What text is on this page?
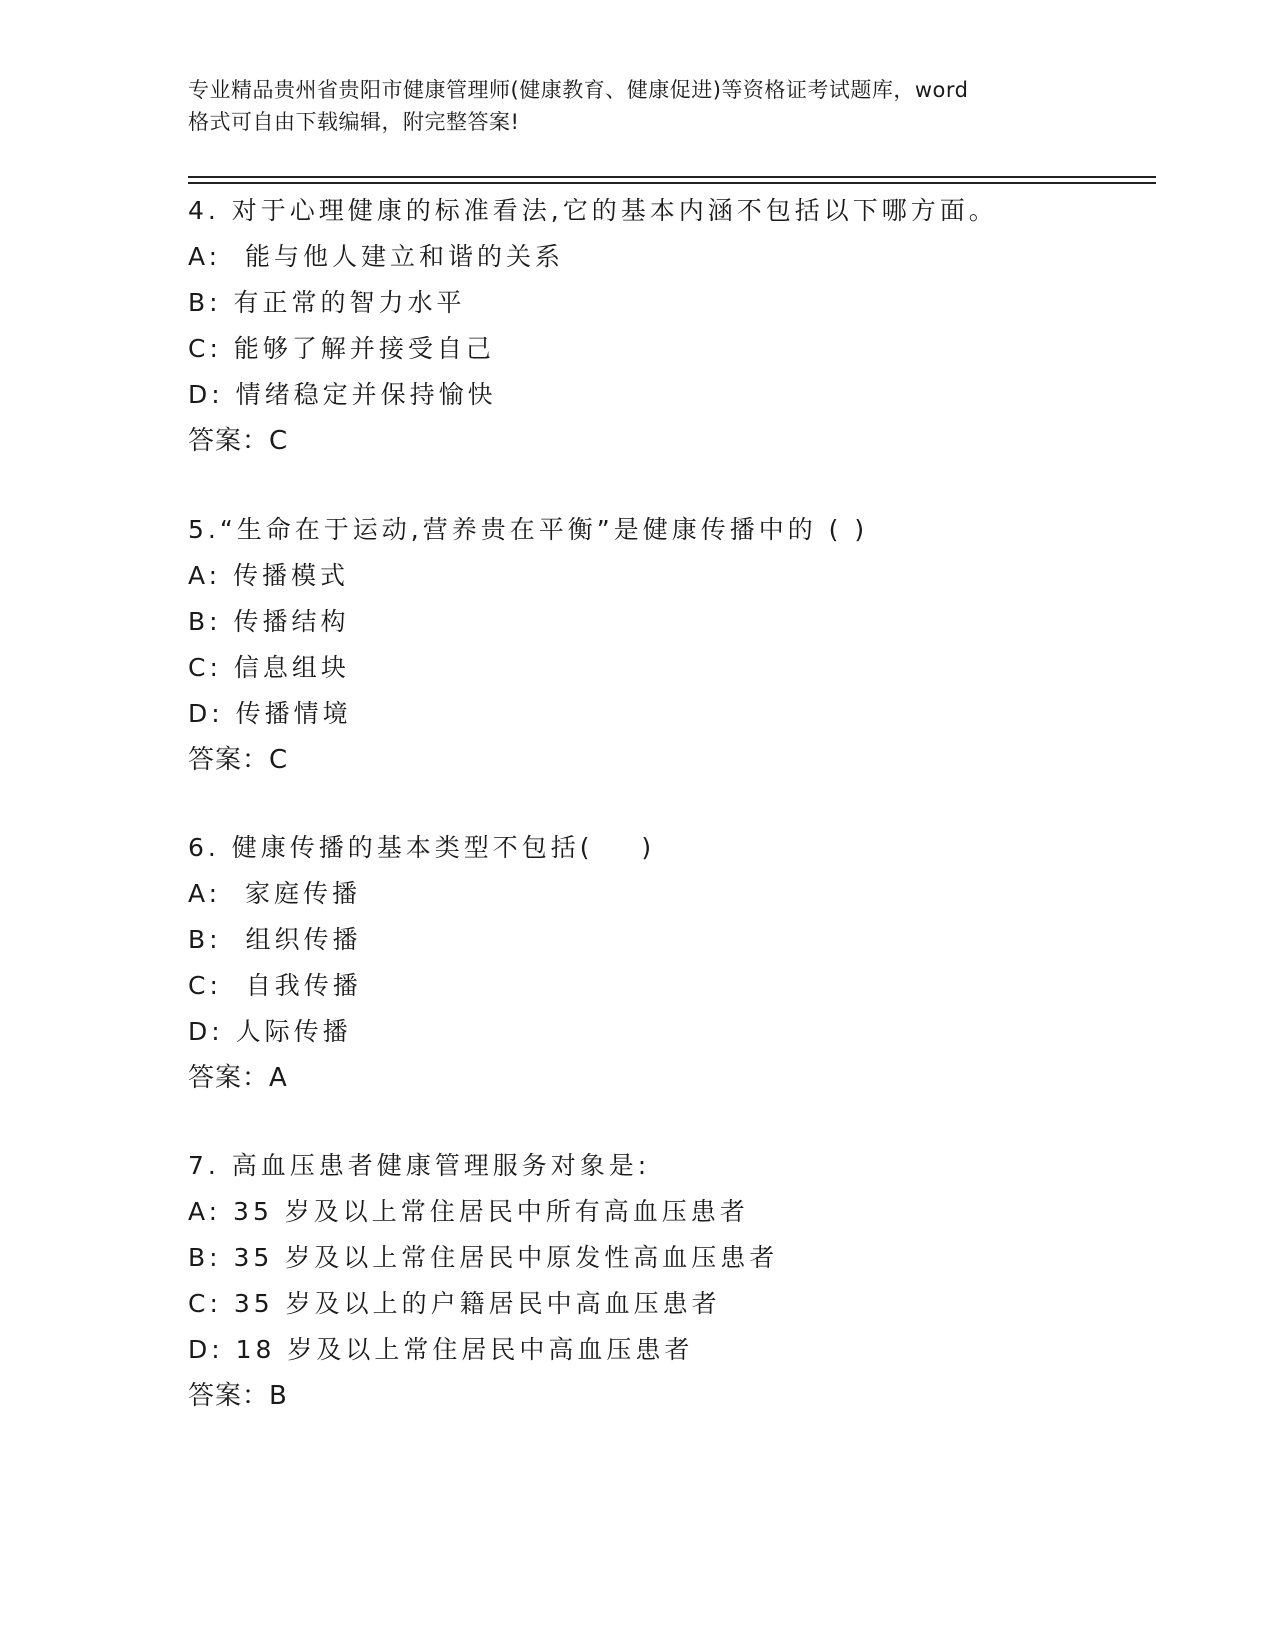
专业精品贵州省贵阳市健康管理师(健康教育、健康促进)等资格证考试题库，word
格式可自由下载编辑，附完整答案!
4. 对于心理健康的标准看法,它的基本内涵不包括以下哪方面。
A:  能与他人建立和谐的关系
B: 有正常的智力水平
C: 能够了解并接受自己
D: 情绪稳定并保持愉快
答案：C
5.“生命在于运动,营养贵在平衡”是健康传播中的 ( )
A: 传播模式
B: 传播结构
C: 信息组块
D: 传播情境
答案：C
6. 健康传播的基本类型不包括(    )
A:  家庭传播
B:  组织传播
C:  自我传播
D: 人际传播
答案：A
7. 高血压患者健康管理服务对象是:
A: 35 岁及以上常住居民中所有高血压患者
B: 35 岁及以上常住居民中原发性高血压患者
C: 35 岁及以上的户籍居民中高血压患者
D: 18 岁及以上常住居民中高血压患者
答案：B
